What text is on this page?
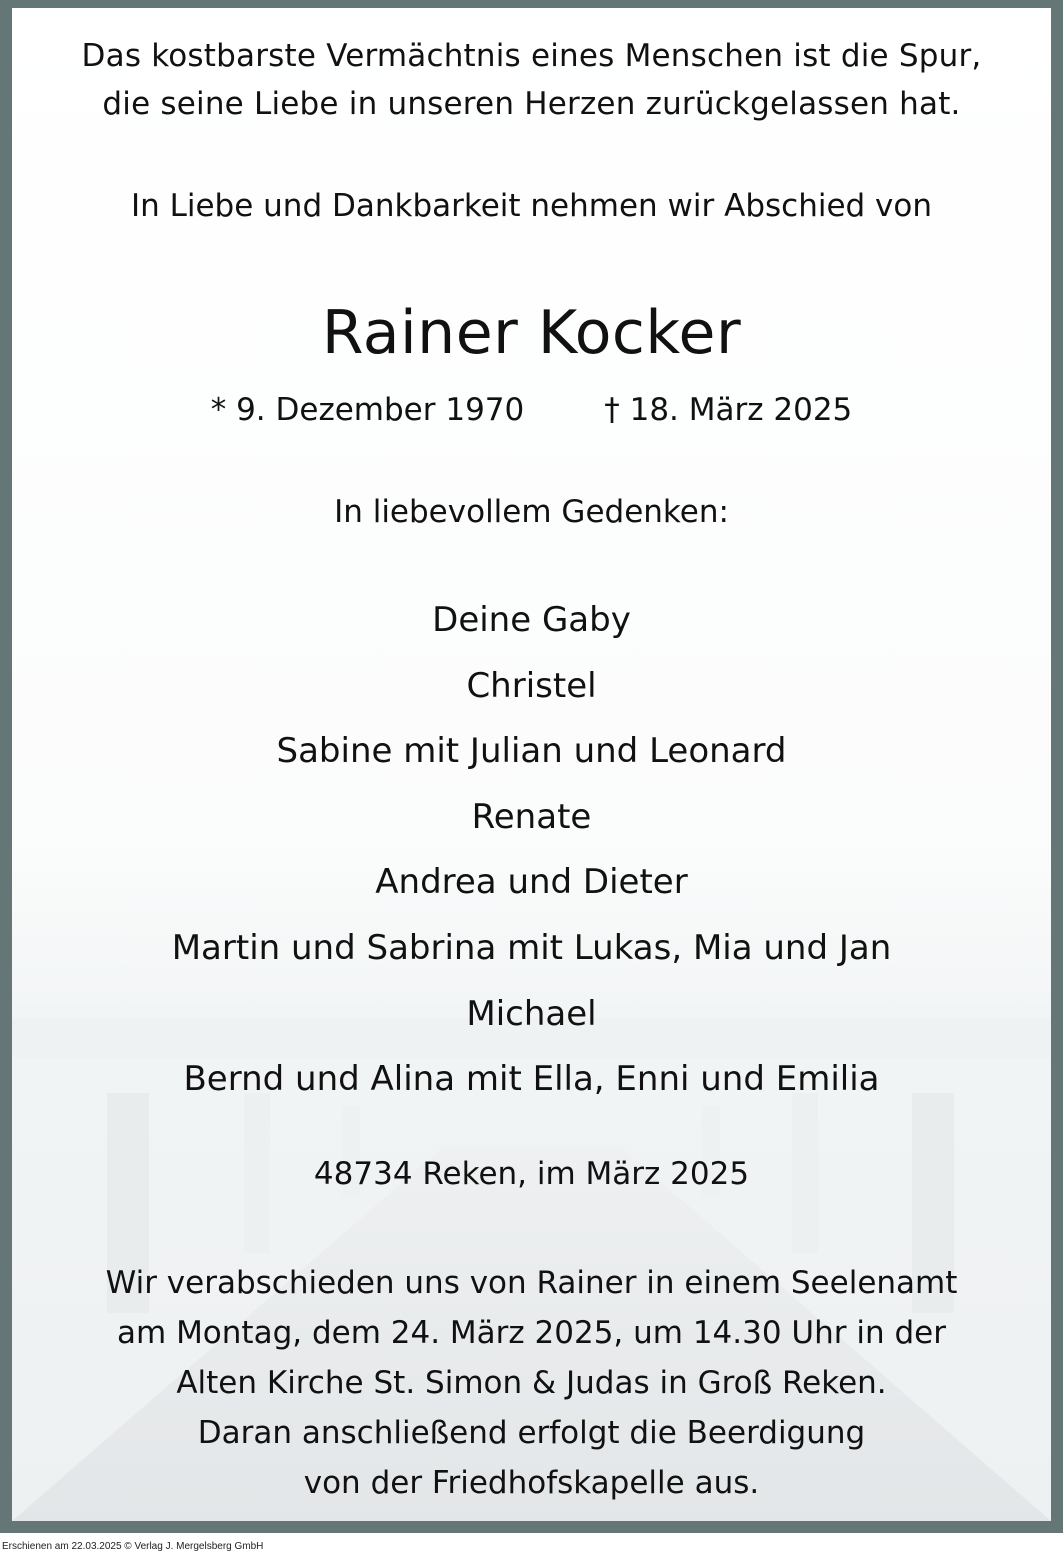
Das kostbarste Vermächtnis eines Menschen ist die Spur,
die seine Liebe in unseren Herzen zurückgelassen hat.
In Liebe und Dankbarkeit nehmen wir Abschied von
Rainer Kocker
* 9. Dezember 1970	† 18. März 2025
In liebevollem Gedenken:
Deine Gaby
Christel
Sabine mit Julian und Leonard
Renate
Andrea und Dieter
Martin und Sabrina mit Lukas, Mia und Jan
Michael
Bernd und Alina mit Ella, Enni und Emilia
48734 Reken, im März 2025
Wir verabschieden uns von Rainer in einem Seelenamt
am Montag, dem 24. März 2025, um 14.30 Uhr in der
Alten Kirche St. Simon & Judas in Groß Reken.
Daran anschließend erfolgt die Beerdigung
von der Friedhofskapelle aus.
Erschienen am 22.03.2025 © Verlag J. Mergelsberg GmbH
